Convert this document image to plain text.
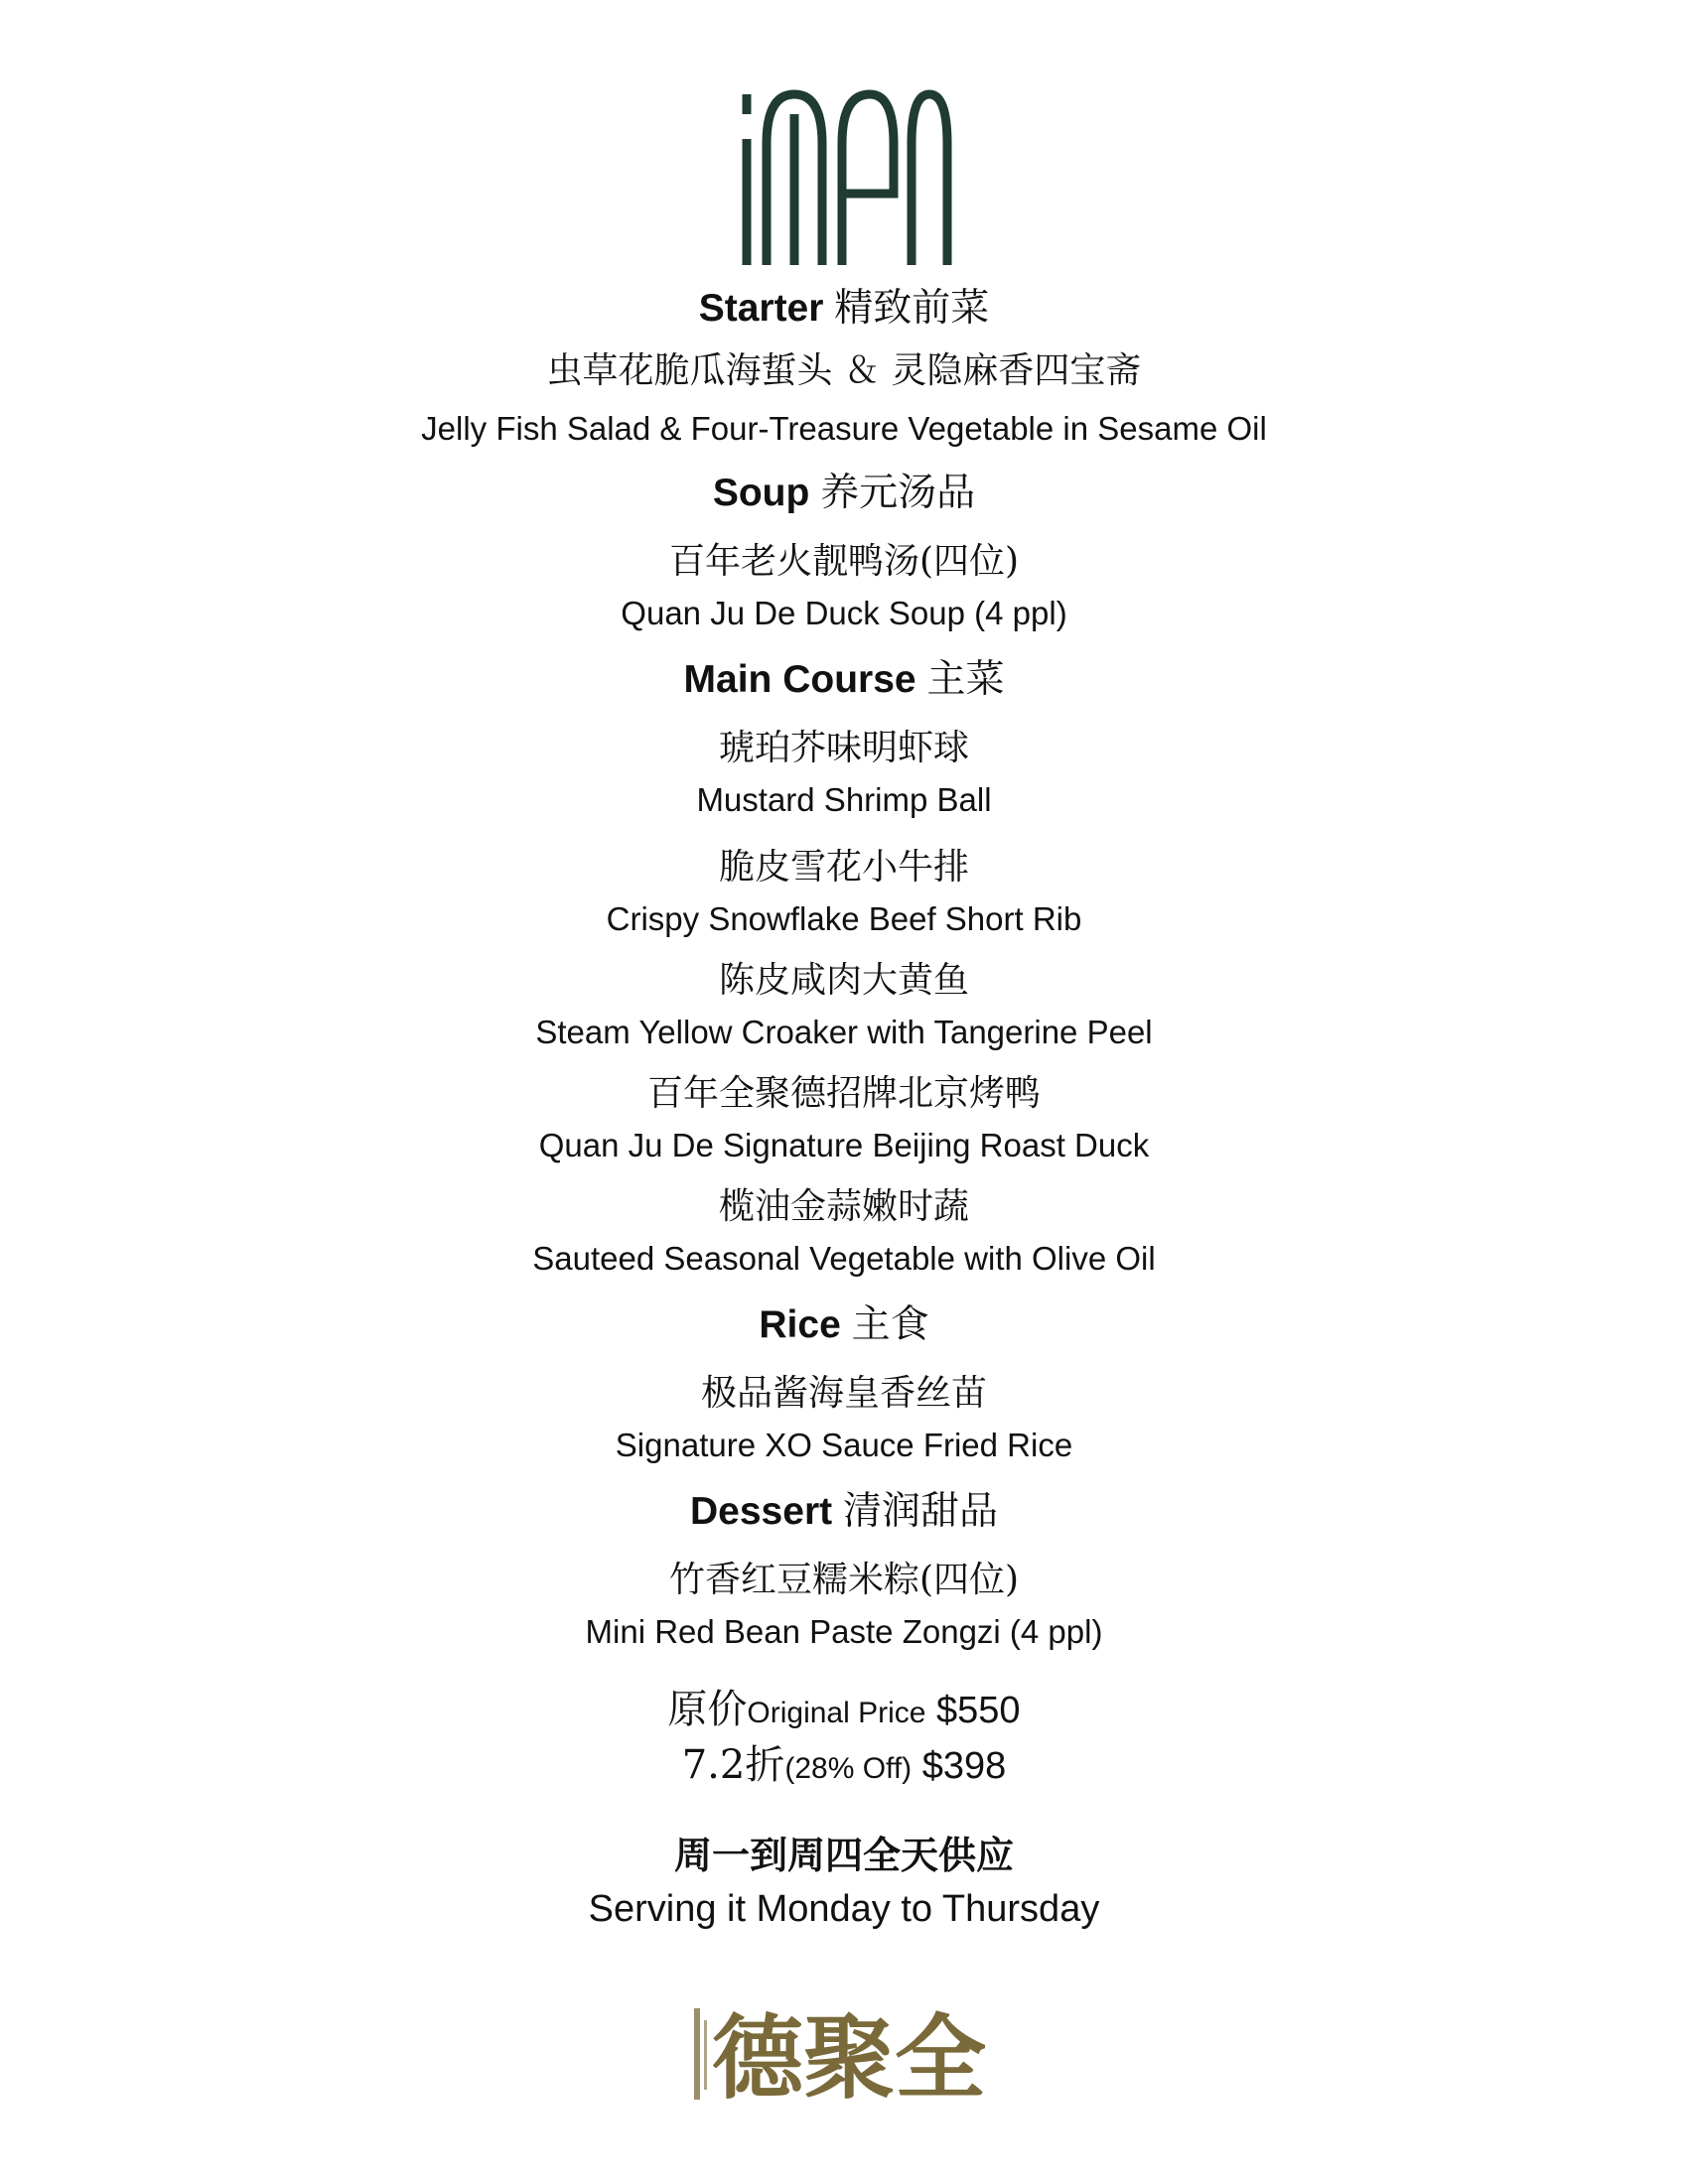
Starter 精致前菜
虫草花脆瓜海蜇头 ＆ 灵隐麻香四宝斋
Jelly Fish Salad & Four-Treasure Vegetable in Sesame Oil
Soup 养元汤品
百年老火靓鸭汤(四位)
Quan Ju De Duck Soup (4 ppl)
Main Course 主菜
琥珀芥味明虾球
Mustard Shrimp Ball
脆皮雪花小牛排
Crispy Snowflake Beef Short Rib
陈皮咸肉大黄鱼
Steam Yellow Croaker with Tangerine Peel
百年全聚德招牌北京烤鸭
Quan Ju De Signature Beijing Roast Duck
榄油金蒜嫩时蔬
Sauteed Seasonal Vegetable with Olive Oil
Rice 主食
极品酱海皇香丝苗
Signature XO Sauce Fried Rice
Dessert 清润甜品
竹香红豆糯米粽(四位)
Mini Red Bean Paste Zongzi (4 ppl)
原价Original Price $550
7.2折(28% Off) $398
周一到周四全天供应
Serving it Monday to Thursday
德聚全
